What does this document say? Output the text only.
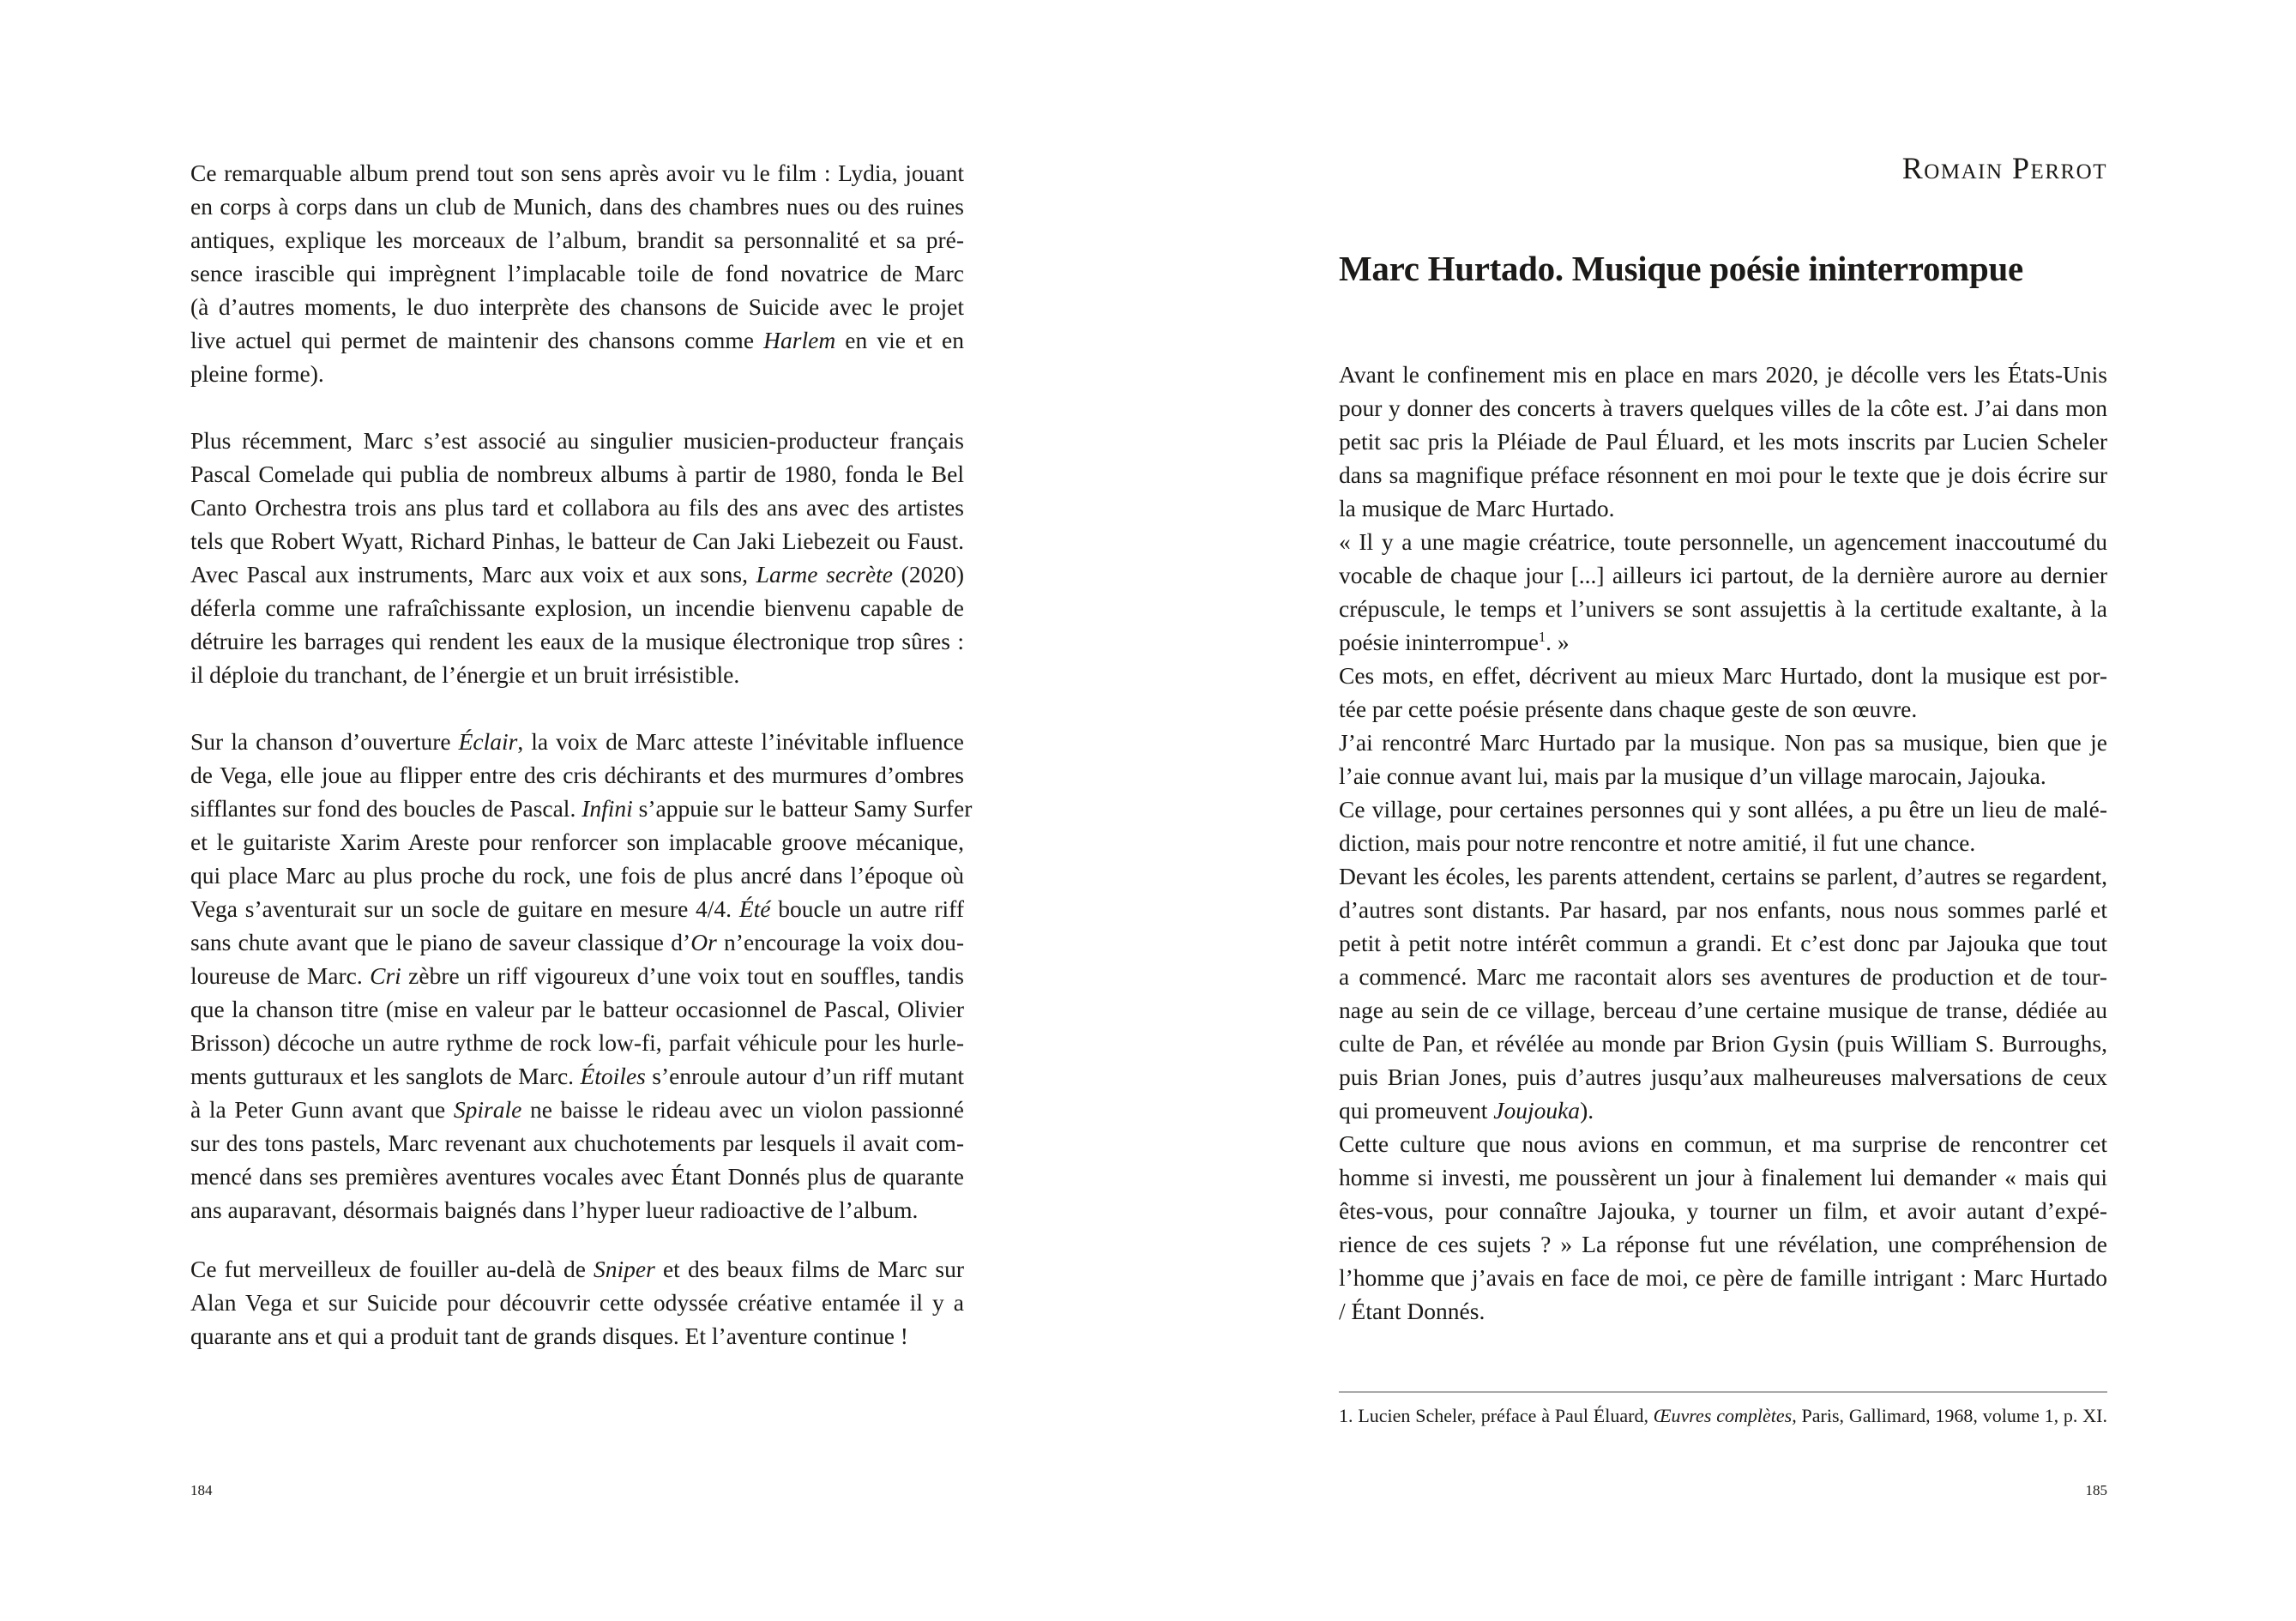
Ce remarquable album prend tout son sens après avoir vu le film : Lydia, jouant
en corps à corps dans un club de Munich, dans des chambres nues ou des ruines
antiques, explique les morceaux de l’album, brandit sa personnalité et sa pré-
sence irascible qui imprègnent l’implacable toile de fond novatrice de Marc
(à d’autres moments, le duo interprète des chansons de Suicide avec le projet
live actuel qui permet de maintenir des chansons comme Harlem en vie et en
pleine forme).
Plus récemment, Marc s’est associé au singulier musicien-producteur français
Pascal Comelade qui publia de nombreux albums à partir de 1980, fonda le Bel
Canto Orchestra trois ans plus tard et collabora au fils des ans avec des artistes
tels que Robert Wyatt, Richard Pinhas, le batteur de Can Jaki Liebezeit ou Faust.
Avec Pascal aux instruments, Marc aux voix et aux sons, Larme secrète (2020)
déferla comme une rafraîchissante explosion, un incendie bienvenu capable de
détruire les barrages qui rendent les eaux de la musique électronique trop sûres :
il déploie du tranchant, de l’énergie et un bruit irrésistible.
Sur la chanson d’ouverture Éclair, la voix de Marc atteste l’inévitable influence
de Vega, elle joue au flipper entre des cris déchirants et des murmures d’ombres
sifflantes sur fond des boucles de Pascal. Infini s’appuie sur le batteur Samy Surfer
et le guitariste Xarim Areste pour renforcer son implacable groove mécanique,
qui place Marc au plus proche du rock, une fois de plus ancré dans l’époque où
Vega s’aventurait sur un socle de guitare en mesure 4/4. Été boucle un autre riff
sans chute avant que le piano de saveur classique d’Or n’encourage la voix dou-
loureuse de Marc. Cri zèbre un riff vigoureux d’une voix tout en souffles, tandis
que la chanson titre (mise en valeur par le batteur occasionnel de Pascal, Olivier
Brisson) décoche un autre rythme de rock low-fi, parfait véhicule pour les hurle-
ments gutturaux et les sanglots de Marc. Étoiles s’enroule autour d’un riff mutant
à la Peter Gunn avant que Spirale ne baisse le rideau avec un violon passionné
sur des tons pastels, Marc revenant aux chuchotements par lesquels il avait com-
mencé dans ses premières aventures vocales avec Étant Donnés plus de quarante
ans auparavant, désormais baignés dans l’hyper lueur radioactive de l’album.
Ce fut merveilleux de fouiller au-delà de Sniper et des beaux films de Marc sur
Alan Vega et sur Suicide pour découvrir cette odyssée créative entamée il y a
quarante ans et qui a produit tant de grands disques. Et l’aventure continue !
184
Romain Perrot
Marc Hurtado. Musique poésie ininterrompue
Avant le confinement mis en place en mars 2020, je décolle vers les États-Unis
pour y donner des concerts à travers quelques villes de la côte est. J’ai dans mon
petit sac pris la Pléiade de Paul Éluard, et les mots inscrits par Lucien Scheler
dans sa magnifique préface résonnent en moi pour le texte que je dois écrire sur
la musique de Marc Hurtado.
« Il y a une magie créatrice, toute personnelle, un agencement inaccoutumé du
vocable de chaque jour [...] ailleurs ici partout, de la dernière aurore au dernier
crépuscule, le temps et l’univers se sont assujettis à la certitude exaltante, à la
poésie ininterrompue$^1$. »
Ces mots, en effet, décrivent au mieux Marc Hurtado, dont la musique est por-
tée par cette poésie présente dans chaque geste de son œuvre.
J’ai rencontré Marc Hurtado par la musique. Non pas sa musique, bien que je
l’aie connue avant lui, mais par la musique d’un village marocain, Jajouka.
Ce village, pour certaines personnes qui y sont allées, a pu être un lieu de malé-
diction, mais pour notre rencontre et notre amitié, il fut une chance.
Devant les écoles, les parents attendent, certains se parlent, d’autres se regardent,
d’autres sont distants. Par hasard, par nos enfants, nous nous sommes parlé et
petit à petit notre intérêt commun a grandi. Et c’est donc par Jajouka que tout
a commencé. Marc me racontait alors ses aventures de production et de tour-
nage au sein de ce village, berceau d’une certaine musique de transe, dédiée au
culte de Pan, et révélée au monde par Brion Gysin (puis William S. Burroughs,
puis Brian Jones, puis d’autres jusqu’aux malheureuses malversations de ceux
qui promeuvent Joujouka).
Cette culture que nous avions en commun, et ma surprise de rencontrer cet
homme si investi, me poussèrent un jour à finalement lui demander « mais qui
êtes-vous, pour connaître Jajouka, y tourner un film, et avoir autant d’expé-
rience de ces sujets ? » La réponse fut une révélation, une compréhension de
l’homme que j’avais en face de moi, ce père de famille intrigant : Marc Hurtado
/ Étant Donnés.
1. Lucien Scheler, préface à Paul Éluard, Œuvres complètes, Paris, Gallimard, 1968, volume 1, p. XI.
185
